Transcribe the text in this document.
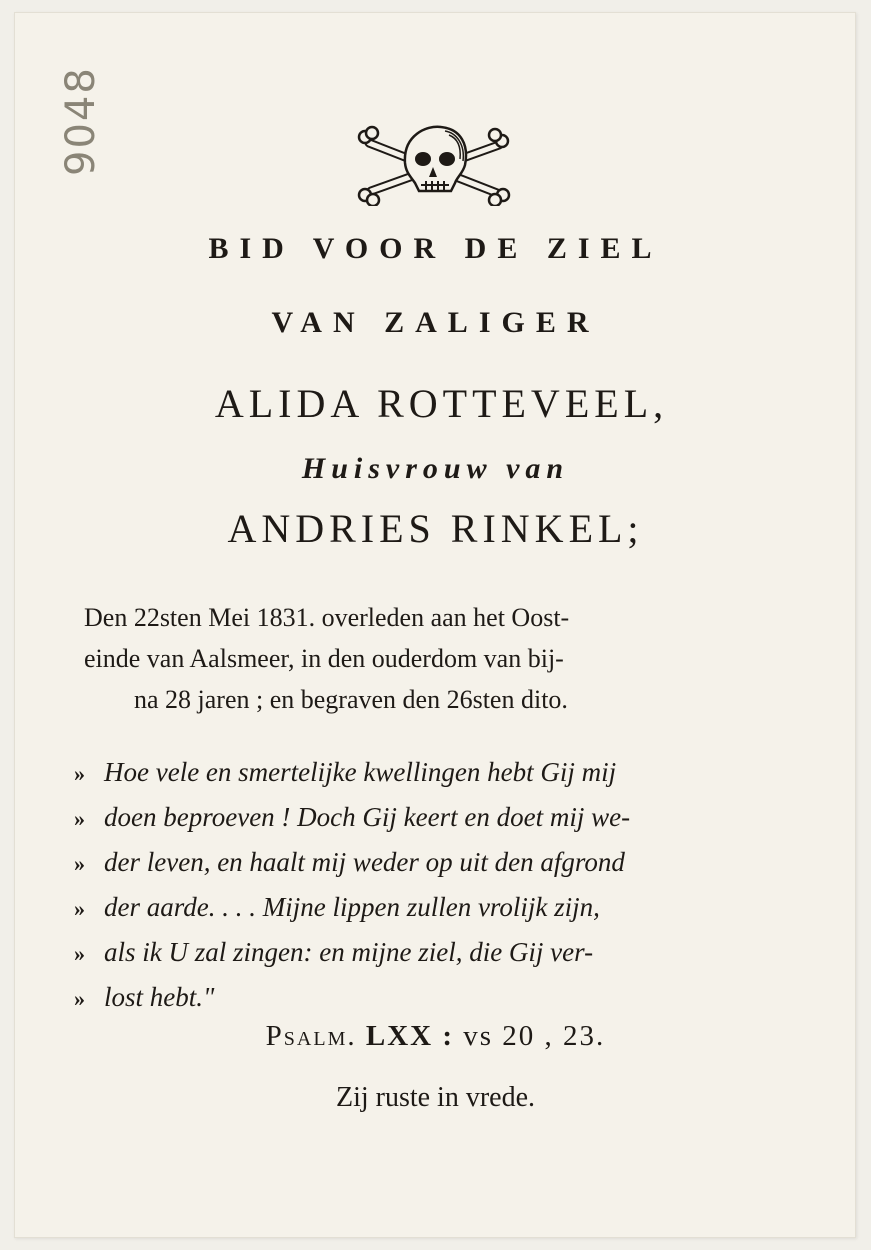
9048
BID VOOR DE ZIEL
VAN ZALIGER
ALIDA ROTTEVEEL,
Huisvrouw van
ANDRIES RINKEL;
Den 22sten Mei 1831. overleden aan het Oost-
einde van Aalsmeer, in den ouderdom van bij-
na 28 jaren ; en begraven den 26sten dito.
» Hoe vele en smertelijke kwellingen hebt Gij mij
» doen beproeven ! Doch Gij keert en doet mij we-
» der leven, en haalt mij weder op uit den afgrond
» der aarde. . . . Mijne lippen zullen vrolijk zijn,
» als ik U zal zingen: en mijne ziel, die Gij ver-
» lost hebt."
Psalm. LXX : vs 20 , 23.
Zij ruste in vrede.
